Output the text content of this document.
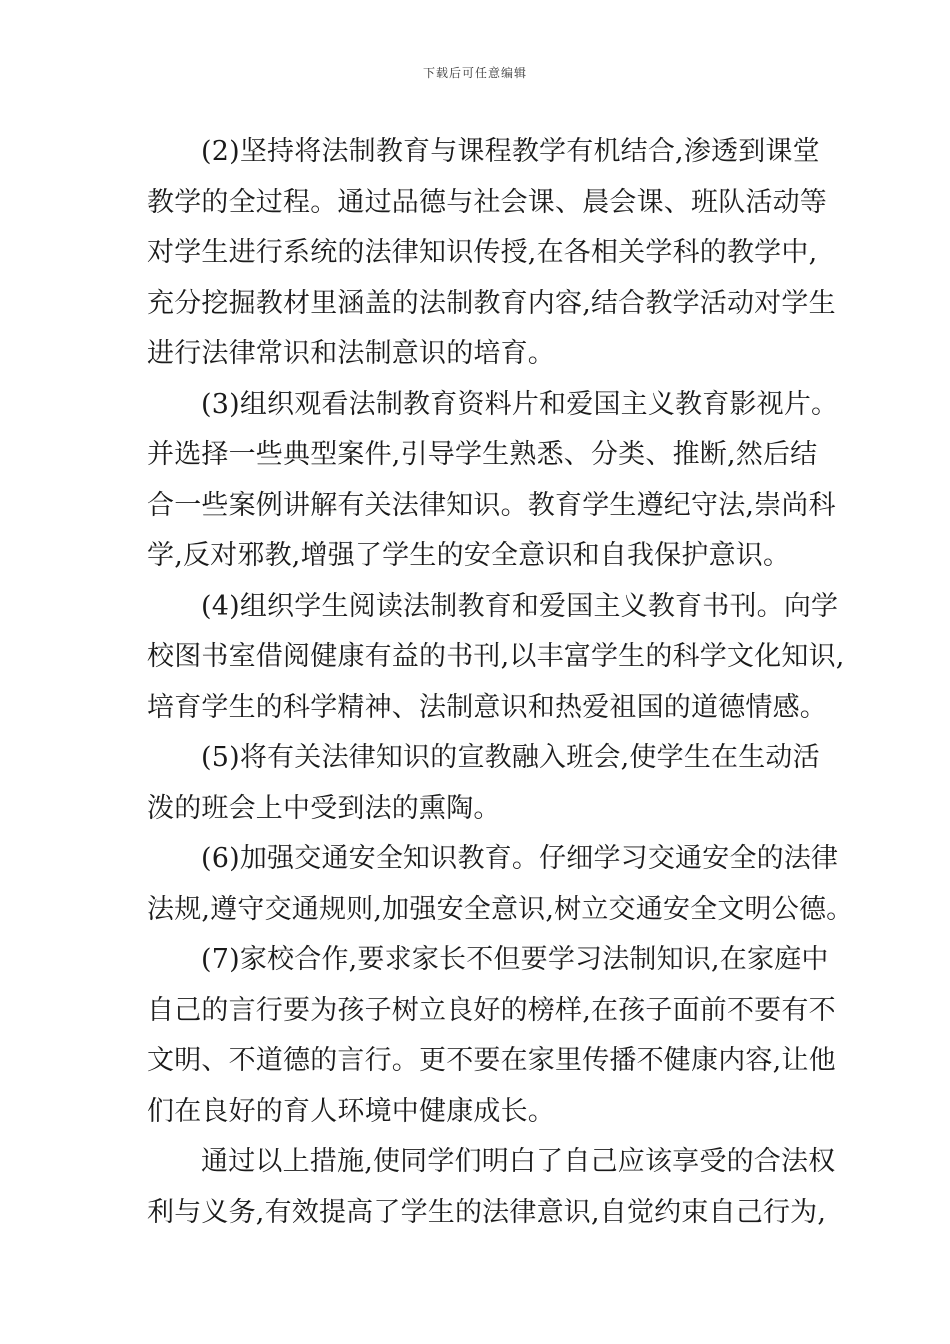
下载后可任意编辑
(2)坚持将法制教育与课程教学有机结合,渗透到课堂
教学的全过程。通过品德与社会课、晨会课、班队活动等
对学生进行系统的法律知识传授,在各相关学科的教学中,
充分挖掘教材里涵盖的法制教育内容,结合教学活动对学生
进行法律常识和法制意识的培育。
(3)组织观看法制教育资料片和爱国主义教育影视片。
并选择一些典型案件,引导学生熟悉、分类、推断,然后结
合一些案例讲解有关法律知识。教育学生遵纪守法,崇尚科
学,反对邪教,增强了学生的安全意识和自我保护意识。
(4)组织学生阅读法制教育和爱国主义教育书刊。向学
校图书室借阅健康有益的书刊,以丰富学生的科学文化知识,
培育学生的科学精神、法制意识和热爱祖国的道德情感。
(5)将有关法律知识的宣教融入班会,使学生在生动活
泼的班会上中受到法的熏陶。
(6)加强交通安全知识教育。仔细学习交通安全的法律
法规,遵守交通规则,加强安全意识,树立交通安全文明公德。
(7)家校合作,要求家长不但要学习法制知识,在家庭中
自己的言行要为孩子树立良好的榜样,在孩子面前不要有不
文明、不道德的言行。更不要在家里传播不健康内容,让他
们在良好的育人环境中健康成长。
通过以上措施,使同学们明白了自己应该享受的合法权
利与义务,有效提高了学生的法律意识,自觉约束自己行为,
